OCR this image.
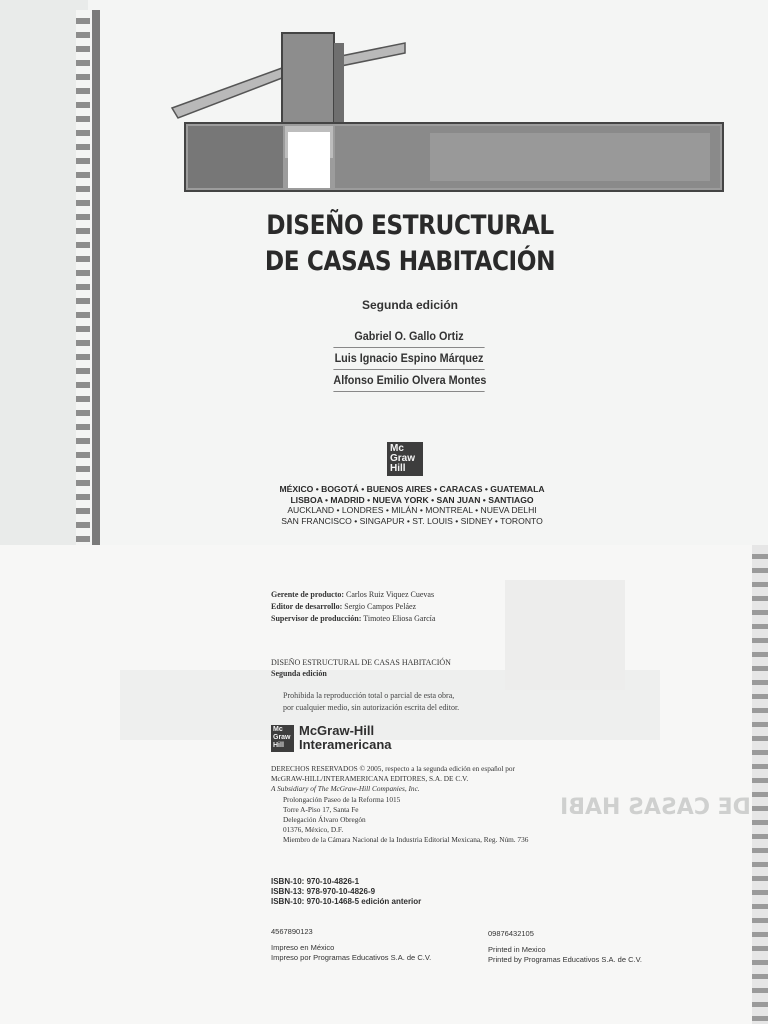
DISEÑO ESTRUCTURAL
DE CASAS HABITACIÓN
Segunda edición
Gabriel O. Gallo Ortiz
Luis Ignacio Espino Márquez
Alfonso Emilio Olvera Montes
Mc
Graw
Hill
MÉXICO • BOGOTÁ • BUENOS AIRES • CARACAS • GUATEMALA
LISBOA • MADRID • NUEVA YORK • SAN JUAN • SANTIAGO
AUCKLAND • LONDRES • MILÁN • MONTREAL • NUEVA DELHI
SAN FRANCISCO • SINGAPUR • ST. LOUIS • SIDNEY • TORONTO
DE CASAS HABI
Gerente de producto: Carlos Ruiz Viquez Cuevas
Editor de desarrollo: Sergio Campos Peláez
Supervisor de producción: Timoteo Eliosa García
DISEÑO ESTRUCTURAL DE CASAS HABITACIÓN
Segunda edición
Prohibida la reproducción total o parcial de esta obra,
por cualquier medio, sin autorización escrita del editor.
Mc
Graw
Hill
McGraw-Hill
Interamericana
DERECHOS RESERVADOS © 2005, respecto a la segunda edición en español por
McGRAW-HILL/INTERAMERICANA EDITORES, S.A. DE C.V.
A Subsidiary of The McGraw-Hill Companies, Inc.
Prolongación Paseo de la Reforma 1015
Torre A-Piso 17, Santa Fe
Delegación Álvaro Obregón
01376, México, D.F.
Miembro de la Cámara Nacional de la Industria Editorial Mexicana, Reg. Núm. 736
ISBN-10: 970-10-4826-1
ISBN-13: 978-970-10-4826-9
ISBN-10: 970-10-1468-5 edición anterior
4567890123
Impreso en México
Impreso por Programas Educativos S.A. de C.V.
09876432105
Printed in Mexico
Printed by Programas Educativos S.A. de C.V.
